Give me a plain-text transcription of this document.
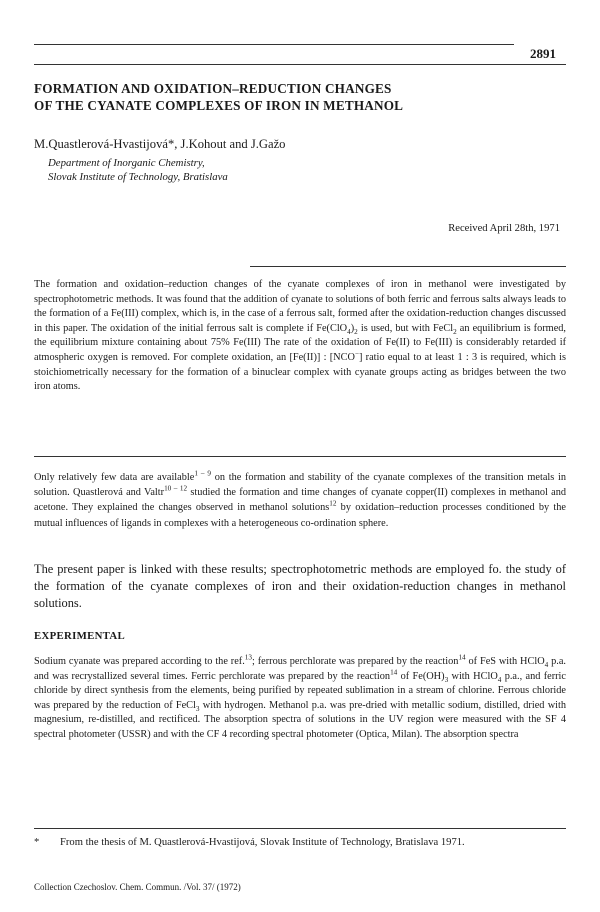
2891
FORMATION AND OXIDATION–REDUCTION CHANGES
OF THE CYANATE COMPLEXES OF IRON IN METHANOL
M.Quastlerová-Hvastijová*, J.Kohout and J.Gažo
Department of Inorganic Chemistry,
Slovak Institute of Technology, Bratislava
Received April 28th, 1971
The formation and oxidation–reduction changes of the cyanate complexes of iron in methanol were investigated by spectrophotometric methods. It was found that the addition of cyanate to solutions of both ferric and ferrous salts always leads to the formation of a Fe(III) complex, which is, in the case of a ferrous salt, formed after the oxidation-reduction changes discussed in this paper. The oxidation of the initial ferrous salt is complete if $Fe(ClO_4)_2$ is used, but with FeCl$_2$ an equilibrium is formed, the equilibrium mixture containing about 75% Fe(III) The rate of the oxidation of Fe(II) to Fe(III) is considerably retarded if atmospheric oxygen is removed. For complete oxidation, an [Fe(II)] : [NCO−] ratio equal to at least 1 : 3 is required, which is stoichiometrically necessary for the formation of a binuclear complex with cyanate groups acting as bridges between the two iron atoms.
Only relatively few data are available$^{1 - 9}$ on the formation and stability of the cyanate complexes of the transition metals in solution. Quastlerová and Valtr$^{10 - 12}$ studied the formation and time changes of cyanate copper(II) complexes in methanol and acetone. They explained the changes observed in methanol solutions$^{12}$ by oxidation–reduction processes conditioned by the mutual influences of ligands in complexes with a heterogeneous co-ordination sphere.
The present paper is linked with these results; spectrophotometric methods are employed fo. the study of the formation of the cyanate complexes of iron and their oxidation-reduction changes in methanol solutions.
EXPERIMENTAL
Sodium cyanate was prepared according to the ref.$^{13}$; ferrous perchlorate was prepared by the reaction$^{14}$ of FeS with HClO$_4$ p.a. and was recrystallized several times. Ferric perchlorate was prepared by the reaction$^{14}$ of $Fe(OH)_3$ with HClO$_4$ p.a., and ferric chloride by direct synthesis from the elements, being purified by repeated sublimation in a stream of chlorine. Ferrous chloride was prepared by the reduction of FeCl$_3$ with hydrogen. Methanol p.a. was pre-dried with metallic sodium, distilled, dried with magnesium, re-distilled, and rectificed. The absorption spectra of solutions in the UV region were measured with the SF 4 spectral photometer (USSR) and with the CF 4 recording spectral photometer (Optica, Milan). The absorption spectra
* From the thesis of M. Quastlerová-Hvastijová, Slovak Institute of Technology, Bratislava 1971.
Collection Czechoslov. Chem. Commun. /Vol. 37/ (1972)
